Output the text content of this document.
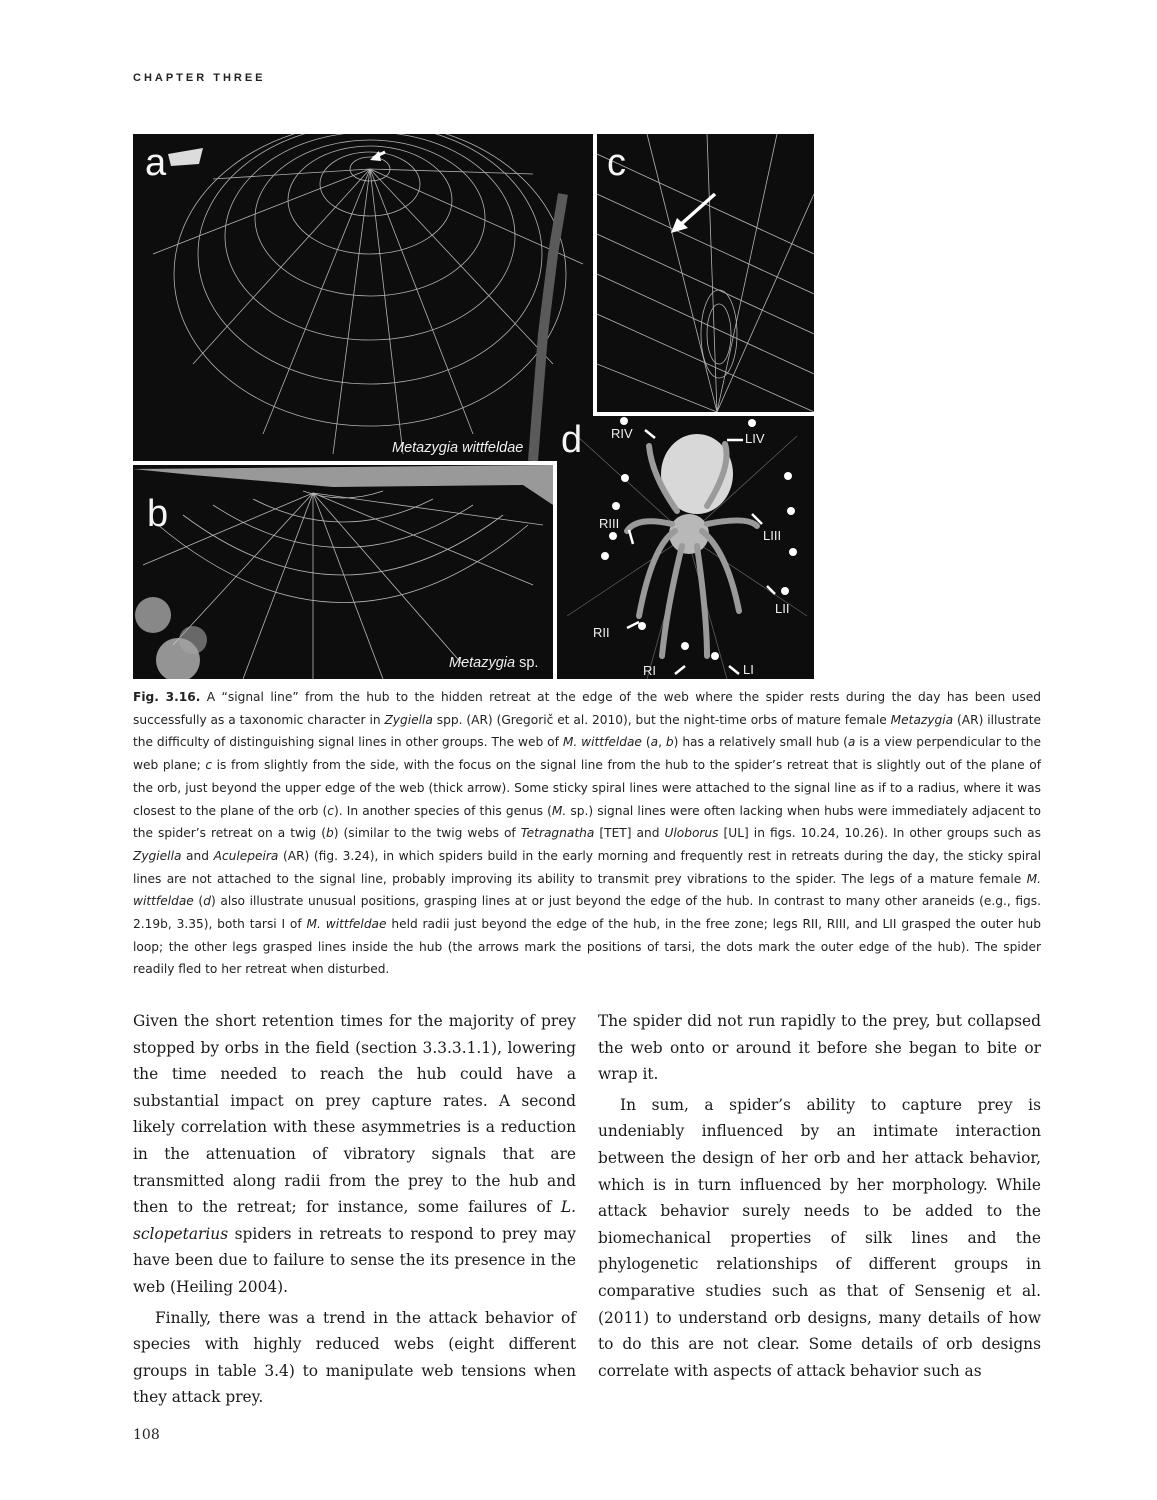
CHAPTER THREE
a
Metazygia wittfeldae
c
b
Metazygia sp.
d RIV	LIV
RIII
LIII
RII
LII
RI	LI

Fig. 3.16. A “signal line” from the hub to the hidden retreat at the edge of the web where the spider rests during the day has been used successfully as a taxonomic character in Zygiella spp. (AR) (Gregorič et al. 2010), but the night-time orbs of mature female Metazygia (AR) illustrate the difficulty of distinguishing signal lines in other groups. The web of M. wittfeldae (a, b) has a relatively small hub (a is a view perpendicular to the web plane; c is from slightly from the side, with the focus on the signal line from the hub to the spider’s retreat that is slightly out of the plane of the orb, just beyond the upper edge of the web (thick arrow). Some sticky spiral lines were attached to the signal line as if to a radius, where it was closest to the plane of the orb (c). In another species of this genus (M. sp.) signal lines were often lacking when hubs were immediately adjacent to the spider’s retreat on a twig (b) (similar to the twig webs of Tetragnatha [TET] and Uloborus [UL] in figs. 10.24, 10.26). In other groups such as Zygiella and Aculepeira (AR) (fig. 3.24), in which spiders build in the early morning and frequently rest in retreats during the day, the sticky spiral lines are not attached to the signal line, probably improving its ability to transmit prey vibrations to the spider. The legs of a mature female M. wittfeldae (d) also illustrate unusual positions, grasping lines at or just beyond the edge of the hub. In contrast to many other araneids (e.g., figs. 2.19b, 3.35), both tarsi I of M. wittfeldae held radii just beyond the edge of the hub, in the free zone; legs RII, RIII, and LII grasped the outer hub loop; the other legs grasped lines inside the hub (the arrows mark the positions of tarsi, the dots mark the outer edge of the hub). The spider readily fled to her retreat when disturbed.

Given the short retention times for the majority of prey stopped by orbs in the field (section 3.3.3.1.1), lowering the time needed to reach the hub could have a substantial impact on prey capture rates. A second likely correlation with these asymmetries is a reduction in the attenuation of vibratory signals that are transmitted along radii from the prey to the hub and then to the retreat; for instance, some failures of L. sclopetarius spiders in retreats to respond to prey may have been due to failure to sense the its presence in the web (Heiling 2004).

Finally, there was a trend in the attack behavior of species with highly reduced webs (eight different groups in table 3.4) to manipulate web tensions when they attack prey.

The spider did not run rapidly to the prey, but collapsed the web onto or around it before she began to bite or wrap it.

In sum, a spider’s ability to capture prey is undeniably influenced by an intimate interaction between the design of her orb and her attack behavior, which is in turn influenced by her morphology. While attack behavior surely needs to be added to the biomechanical properties of silk lines and the phylogenetic relationships of different groups in comparative studies such as that of Sensenig et al. (2011) to understand orb designs, many details of how to do this are not clear. Some details of orb designs correlate with aspects of attack behavior such as

108
